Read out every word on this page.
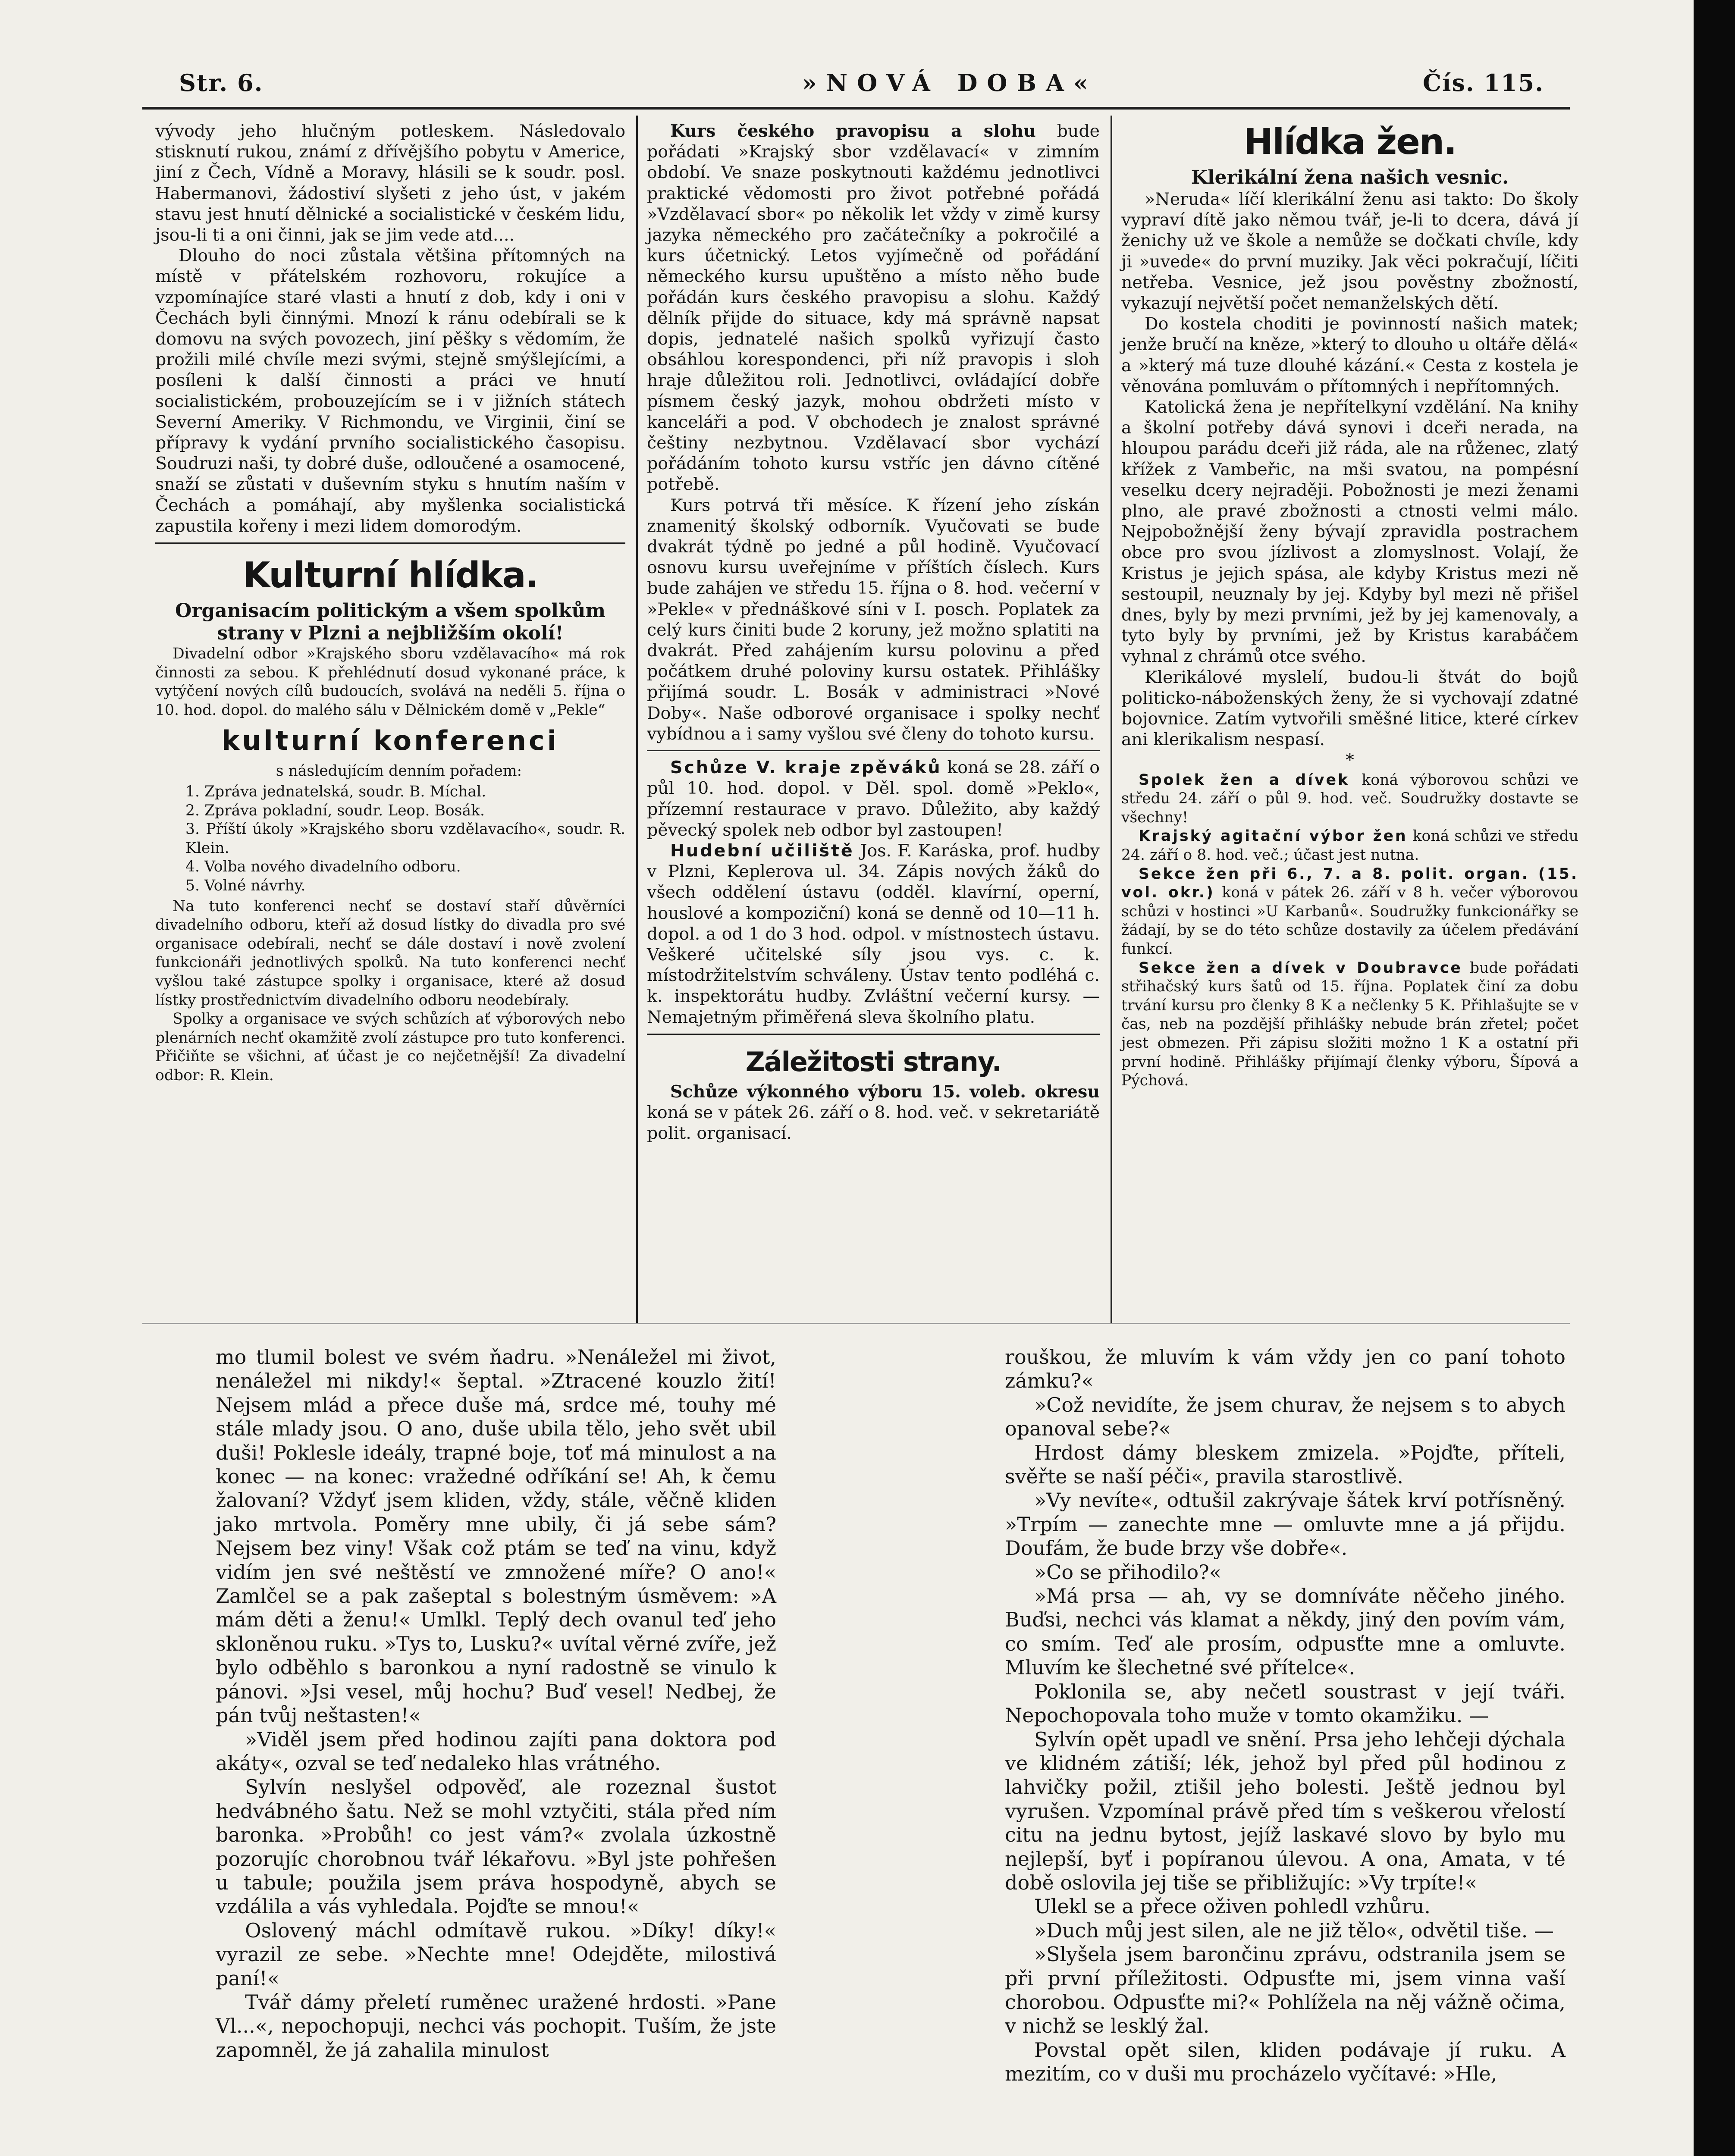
Str. 6.	»NOVÁ DOBA«	Čís. 115.

vývody jeho hlučným potleskem. Následovalo stisknutí rukou, známí z dřívějšího pobytu v Americe, jiní z Čech, Vídně a Moravy, hlásili se k soudr. posl. Habermanovi, žádostiví slyšeti z jeho úst, v jakém stavu jest hnutí dělnické a socialistické v českém lidu, jsou-li ti a oni činni, jak se jim vede atd....

Dlouho do noci zůstala většina přítomných na místě v přátelském rozhovoru, rokujíce a vzpomínajíce staré vlasti a hnutí z dob, kdy i oni v Čechách byli činnými. Mnozí k ránu odebírali se k domovu na svých povozech, jiní pěšky s vědomím, že prožili milé chvíle mezi svými, stejně smýšlejícími, a posíleni k další činnosti a práci ve hnutí socialistickém, probouzejícím se i v jižních státech Severní Ameriky. V Richmondu, ve Virginii, činí se přípravy k vydání prvního socialistického časopisu. Soudruzi naši, ty dobré duše, odloučené a osamocené, snaží se zůstati v duševním styku s hnutím naším v Čechách a pomáhají, aby myšlenka socialistická zapustila kořeny i mezi lidem domorodým.

Kulturní hlídka.
Organisacím politickým a všem spolkům strany v Plzni a nejbližším okolí!

Divadelní odbor »Krajského sboru vzdělavacího« má rok činnosti za sebou. K přehlédnutí dosud vykonané práce, k vytýčení nových cílů budoucích, svolává na neděli 5. října o 10. hod. dopol. do malého sálu v Dělnickém domě v „Pekle“

kulturní konferenci

s následujícím denním pořadem:

1. Zpráva jednatelská, soudr. B. Míchal.
2. Zpráva pokladní, soudr. Leop. Bosák.
3. Příští úkoly »Krajského sboru vzdělavacího«, soudr. R. Klein.
4. Volba nového divadelního odboru.
5. Volné návrhy.

Na tuto konferenci nechť se dostaví staří důvěrníci divadelního odboru, kteří až dosud lístky do divadla pro své organisace odebírali, nechť se dále dostaví i nově zvolení funkcionáři jednotlivých spolků. Na tuto konferenci nechť vyšlou také zástupce spolky i organisace, které až dosud lístky prostřednictvím divadelního odboru neodebíraly.

Spolky a organisace ve svých schůzích ať výborových nebo plenárních nechť okamžitě zvolí zástupce pro tuto konferenci. Přičiňte se všichni, ať účast je co nejčetnější! Za divadelní odbor: R. Klein.

Kurs českého pravopisu a slohu bude pořádati »Krajský sbor vzdělavací« v zimním období. Ve snaze poskytnouti každému jednotlivci praktické vědomosti pro život potřebné pořádá »Vzdělavací sbor« po několik let vždy v zimě kursy jazyka německého pro začátečníky a pokročilé a kurs účetnický. Letos vyjímečně od pořádání německého kursu upuštěno a místo něho bude pořádán kurs českého pravopisu a slohu. Každý dělník přijde do situace, kdy má správně napsat dopis, jednatelé našich spolků vyřizují často obsáhlou korespondenci, při níž pravopis i sloh hraje důležitou roli. Jednotlivci, ovládající dobře písmem český jazyk, mohou obdržeti místo v kanceláři a pod. V obchodech je znalost správné češtiny nezbytnou. Vzdělavací sbor vychází pořádáním tohoto kursu vstříc jen dávno cítěné potřebě.

Kurs potrvá tři měsíce. K řízení jeho získán znamenitý školský odborník. Vyučovati se bude dvakrát týdně po jedné a půl hodině. Vyučovací osnovu kursu uveřejníme v příštích číslech. Kurs bude zahájen ve středu 15. října o 8. hod. večerní v »Pekle« v přednáškové síni v I. posch. Poplatek za celý kurs činiti bude 2 koruny, jež možno splatiti na dvakrát. Před zahájením kursu polovinu a před počátkem druhé poloviny kursu ostatek. Přihlášky přijímá soudr. L. Bosák v administraci »Nové Doby«. Naše odborové organisace i spolky nechť vybídnou a i samy vyšlou své členy do tohoto kursu.

Schůze V. kraje zpěváků koná se 28. září o půl 10. hod. dopol. v Děl. spol. domě »Peklo«, přízemní restaurace v pravo. Důležito, aby každý pěvecký spolek neb odbor byl zastoupen!

Hudební učiliště Jos. F. Karáska, prof. hudby v Plzni, Keplerova ul. 34. Zápis nových žáků do všech oddělení ústavu (odděl. klavírní, operní, houslové a kompoziční) koná se denně od 10—11 h. dopol. a od 1 do 3 hod. odpol. v místnostech ústavu. Veškeré učitelské síly jsou vys. c. k. místodržitelstvím schváleny. Ústav tento podléhá c. k. inspektorátu hudby. Zvláštní večerní kursy. — Nemajetným přiměřená sleva školního platu.

Záležitosti strany.

Schůze výkonného výboru 15. voleb. okresu koná se v pátek 26. září o 8. hod. več. v sekretariátě polit. organisací.

Hlídka žen.
Klerikální žena našich vesnic.

»Nerudа« líčí klerikální ženu asi takto: Do školy vyprаví dítě jako němou tvář, je-li to dcera, dává jí ženichy už ve škole a nemůže se dočkati chvíle, kdy ji »uvede« do první muziky. Jak věci pokračují, líčiti netřeba. Vesnice, jež jsou pověstny zbožností, vykazují největší počet nemanželských dětí.

Do kostela choditi je povinností našich matek; jenže bručí na kněze, »který to dlouho u oltáře dělá« a »který má tuze dlouhé kázání.« Cesta z kostela je věnována pomluvám o přítomných i nepřítomných.

Katolická žena je nepřítelkyní vzdělání. Na knihy a školní potřeby dává synovi i dceři nerada, na hloupou parádu dceři již ráda, ale na růženec, zlatý křížek z Vambeřic, na mši svatou, na pompésní veselku dcery nejraději. Pobožnosti je mezi ženami plno, ale pravé zbožnosti a ctnosti velmi málo. Nejpobožnější ženy bývají zpravidla postrachem obce pro svou jízlivost a zlomyslnost. Volají, že Kristus je jejich spása, ale kdyby Kristus mezi ně sestoupil, neuznaly by jej. Kdyby byl mezi ně přišel dnes, byly by mezi prvními, jež by jej kamenovaly, a tyto byly by prvními, jež by Kristus karabáčem vyhnal z chrámů otce svého.

Klerikálové myslelí, budou-li štvát do bojů politicko-náboženských ženy, že si vychovají zdatné bojovnice. Zatím vytvořili směšné litice, které církev ani klerikalism nespasí.

*

Spolek žen a dívek koná výborovou schůzi ve středu 24. září o půl 9. hod. več. Soudružky dostavte se všechny!

Krajský agitační výbor žen koná schůzi ve středu 24. září o 8. hod. več.; účast jest nutna.

Sekce žen při 6., 7. a 8. polit. organ. (15. vol. okr.) koná v pátek 26. září v 8 h. večer výborovou schůzi v hostinci »U Karbanů«. Soudružky funkcionářky se žádají, by se do této schůze dostavily za účelem předávání funkcí.

Sekce žen a dívek v Doubravce bude pořádati střihačský kurs šatů od 15. října. Poplatek činí za dobu trvání kursu pro členky 8 K a nečlenky 5 K. Přihlašujte se v čas, neb na pozdější přihlášky nebude brán zřetel; počet jest obmezen. Při zápisu složiti možno 1 K a ostatní při první hodině. Přihlášky přijímají členky výboru, Šípová a Pýchová.

mo tlumil bolest ve svém ňadru. »Nenáležel mi život, nenáležel mi nikdy!« šeptal. »Ztracené kouzlo žití! Nejsem mlád a přece duše má, srdce mé, touhy mé stále mlady jsou. O ano, duše ubila tělo, jeho svět ubil duši! Poklesle ideály, trapné boje, toť má minulost a na konec — na konec: vražedné odříkání se! Ah, k čemu žalovaní? Vždyť jsem kliden, vždy, stále, věčně kliden jako mrtvola. Poměry mne ubily, či já sebe sám? Nejsem bez viny! Však což ptám se teď na vinu, když vidím jen své neštěstí ve zmnožené míře? O ano!« Zamlčel se a pak zašeptal s bolestným úsměvem: »A mám děti a ženu!« Umlkl. Teplý dech ovanul teď jeho skloněnou ruku. »Tys to, Lusku?« uvítal věrné zvíře, jež bylo odběhlo s baronkou a nyní radostně se vinulo k pánovi. »Jsi vesel, můj hochu? Buď vesel! Nedbej, že pán tvůj neštasten!«

»Viděl jsem před hodinou zajíti pana doktora pod akáty«, ozval se teď nedaleko hlas vrátného.

Sylvín neslyšel odpověď, ale rozeznal šustot hedvábného šatu. Než se mohl vztyčiti, stála před ním baronka. »Probůh! co jest vám?« zvolala úzkostně pozorujíc chorobnou tvář lékařovu. »Byl jste pohřešen u tabule; použila jsem práva hospodyně, abych se vzdálila a vás vyhledala. Pojďte se mnou!«

Oslovený máchl odmítavě rukou. »Díky! díky!« vyrazil ze sebe. »Nechte mne! Odejděte, milostivá paní!«

Tvář dámy přeletí ruměnec uražené hrdosti. »Pane Vl...«, nepochopuji, nechci vás pochopit. Tuším, že jste zapomněl, že já zahalila minulost

rouškou, že mluvím k vám vždy jen co paní tohoto zámku?«

»Což nevidíte, že jsem churav, že nejsem s to abych opanoval sebe?«

Hrdost dámy bleskem zmizela. »Pojďte, příteli, svěřte se naší péči«, pravila starostlivě.

»Vy nevíte«, odtušil zakrývaje šátek krví potřísněný. »Trpím — zanechte mne — omluvte mne a já přijdu. Doufám, že bude brzy vše dobře«.

»Co se přihodilo?«

»Má prsa — ah, vy se domníváte něčeho jiného. Buďsi, nechci vás klamat a někdy, jiný den povím vám, co smím. Teď ale prosím, odpusťte mne a omluvte. Mluvím ke šlechetné své přítelce«.

Poklonila se, aby nečetl soustrast v její tváři. Nepochopovala toho muže v tomto okamžiku. —

Sylvín opět upadl ve snění. Prsa jeho lehčeji dýchala ve klidném zátiší; lék, jehož byl před půl hodinou z lahvičky požil, ztišil jeho bolesti. Ještě jednou byl vyrušen. Vzpomínal právě před tím s veškerou vřelostí citu na jednu bytost, jejíž laskavé slovo by bylo mu nejlepší, byť i popíranou úlevou. A ona, Amata, v té době oslovila jej tiše se přibližujíc: »Vy trpíte!«

Ulekl se a přece oživen pohledl vzhůru.

»Duch můj jest silen, ale ne již tělo«, odvětil tiše. —

»Slyšela jsem barončinu zprávu, odstranila jsem se při první příležitosti. Odpusťte mi, jsem vinna vaší chorobou. Odpusťte mi?« Pohlížela na něj vážně očima, v nichž se lesklý žal.

Povstal opět silen, kliden podávaje jí ruku. A mezitím, co v duši mu procházelo vyčítavé: »Hle,
